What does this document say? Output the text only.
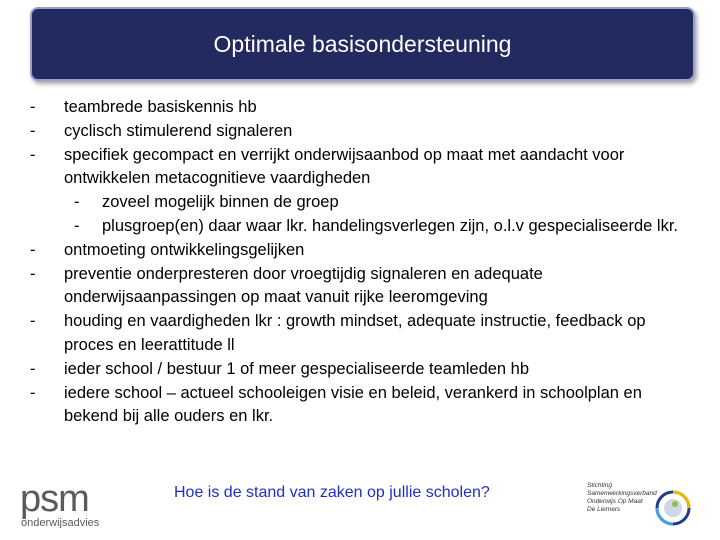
Optimale basisondersteuning
-	teambrede basiskennis hb
-	cyclisch stimulerend signaleren
-	specifiek gecompact en verrijkt onderwijsaanbod op maat met aandacht voor ontwikkelen metacognitieve vaardigheden
-	zoveel mogelijk binnen de groep
-	plusgroep(en) daar waar lkr. handelingsverlegen zijn, o.l.v gespecialiseerde lkr.
-	ontmoeting ontwikkelingsgelijken
-	preventie onderpresteren door vroegtijdig signaleren en adequate onderwijsaanpassingen op maat vanuit rijke leeromgeving
-	houding en vaardigheden lkr : growth mindset, adequate instructie, feedback op proces en leerattitude ll
-	ieder school / bestuur 1 of meer gespecialiseerde teamleden hb
-	iedere school – actueel schooleigen visie en beleid, verankerd in schoolplan en bekend bij alle ouders en lkr.
psm
onderwijsadvies
Hoe is de stand van zaken op jullie scholen?	Stichting
Samenwerkingsverband
Onderwijs Op Maat
De Liemers
